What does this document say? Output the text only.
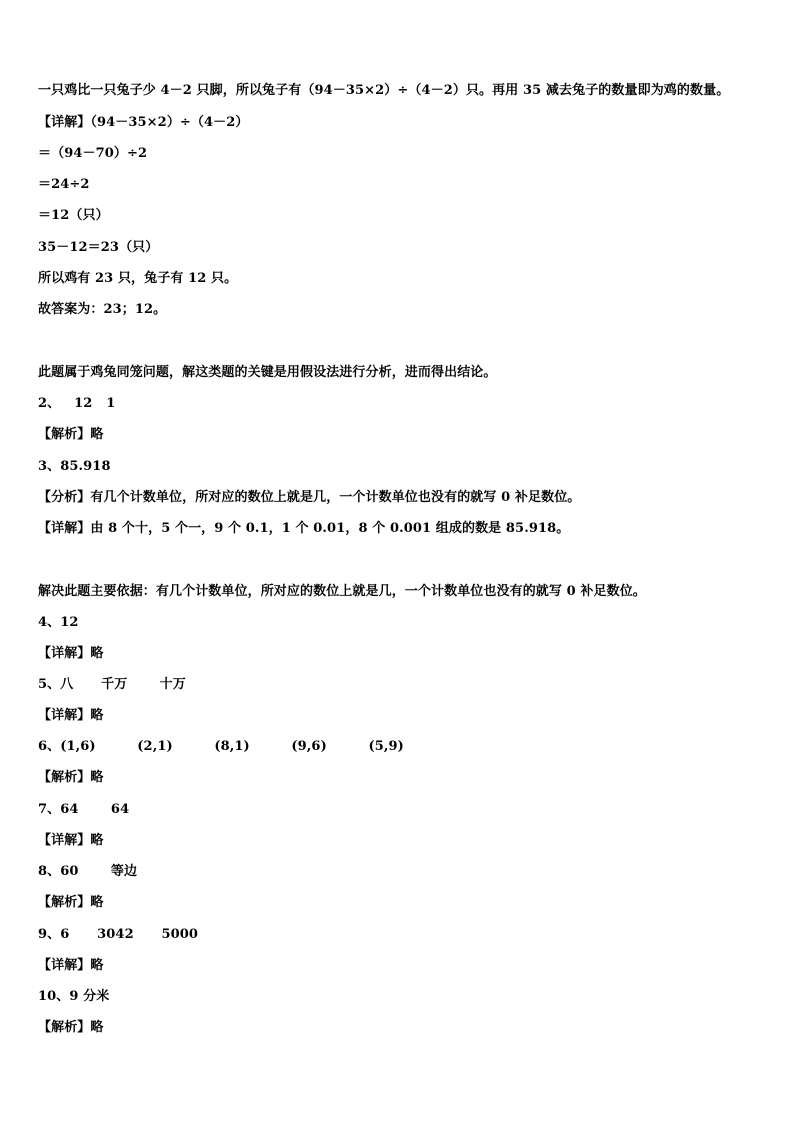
一只鸡比一只兔子少 4－2 只脚，所以兔子有（94－35×2）÷（4－2）只。再用 35 减去兔子的数量即为鸡的数量。
【详解】（94－35×2）÷（4－2）
＝（94－70）÷2
＝24÷2
＝12（只）
35－12＝23（只）
所以鸡有 23 只，兔子有 12 只。
故答案为：23；12。
此题属于鸡兔同笼问题，解这类题的关键是用假设法进行分析，进而得出结论。
2、   12   1
【解析】略
3、85.918
【分析】有几个计数单位，所对应的数位上就是几，一个计数单位也没有的就写 0 补足数位。
【详解】由 8 个十，5 个一，9 个 0.1，1 个 0.01，8 个 0.001 组成的数是 85.918。
解决此题主要依据：有几个计数单位，所对应的数位上就是几，一个计数单位也没有的就写 0 补足数位。
4、12
【详解】略
5、八      千万       十万
【详解】略
6、(1,6)         (2,1)         (8,1)         (9,6)         (5,9)
【解析】略
7、64       64
【详解】略
8、60       等边
【解析】略
9、6      3042      5000
【详解】略
10、9 分米
【解析】略
